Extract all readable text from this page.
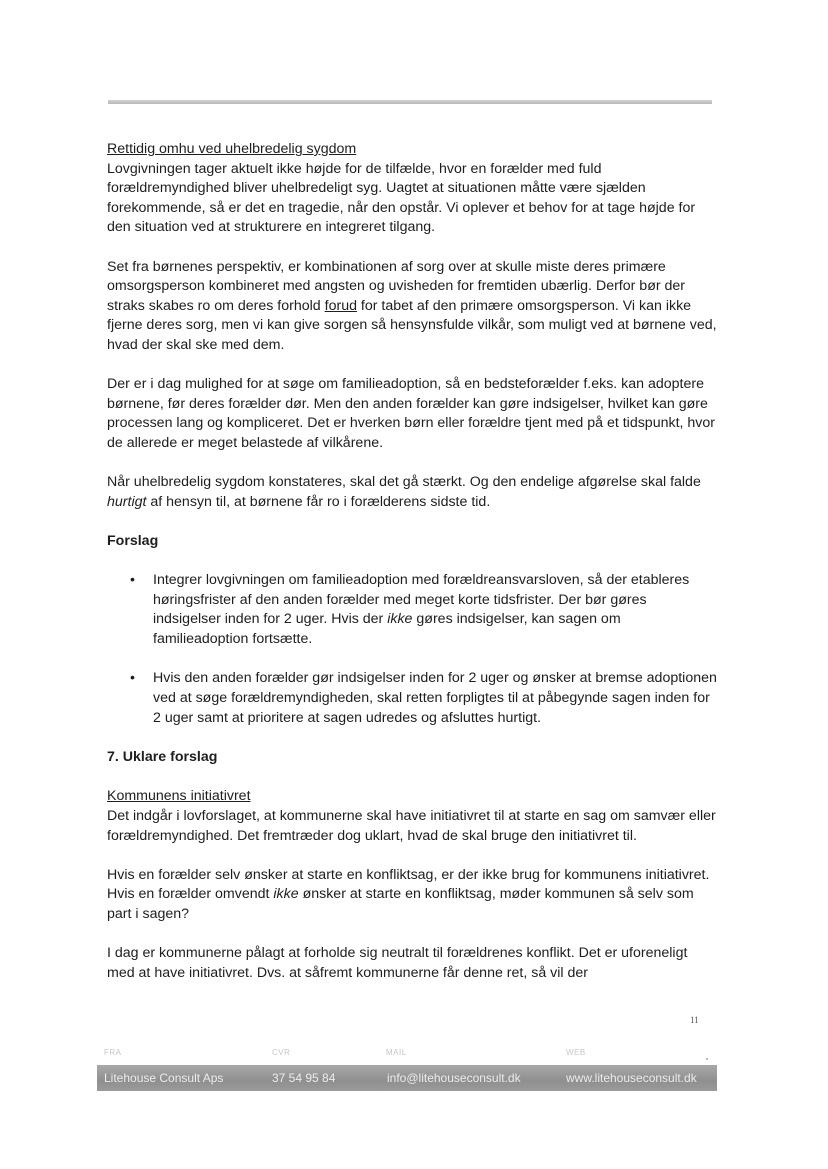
Rettidig omhu ved uhelbredelig sygdom

Lovgivningen tager aktuelt ikke højde for de tilfælde, hvor en forælder med fuld forældremyndighed bliver uhelbredeligt syg. Uagtet at situationen måtte være sjælden forekommende, så er det en tragedie, når den opstår. Vi oplever et behov for at tage højde for den situation ved at strukturere en integreret tilgang.

Set fra børnenes perspektiv, er kombinationen af sorg over at skulle miste deres primære omsorgsperson kombineret med angsten og uvisheden for fremtiden ubærlig. Derfor bør der straks skabes ro om deres forhold forud for tabet af den primære omsorgsperson. Vi kan ikke fjerne deres sorg, men vi kan give sorgen så hensynsfulde vilkår, som muligt ved at børnene ved, hvad der skal ske med dem.

Der er i dag mulighed for at søge om familieadoption, så en bedsteforælder f.eks. kan adoptere børnene, før deres forælder dør. Men den anden forælder kan gøre indsigelser, hvilket kan gøre processen lang og kompliceret. Det er hverken børn eller forældre tjent med på et tidspunkt, hvor de allerede er meget belastede af vilkårene.

Når uhelbredelig sygdom konstateres, skal det gå stærkt. Og den endelige afgørelse skal falde hurtigt af hensyn til, at børnene får ro i forælderens sidste tid.

Forslag

• Integrer lovgivningen om familieadoption med forældreansvarsloven, så der etableres høringsfrister af den anden forælder med meget korte tidsfrister. Der bør gøres indsigelser inden for 2 uger. Hvis der ikke gøres indsigelser, kan sagen om familieadoption fortsætte.
• Hvis den anden forælder gør indsigelser inden for 2 uger og ønsker at bremse adoptionen ved at søge forældremyndigheden, skal retten forpligtes til at påbegynde sagen inden for 2 uger samt at prioritere at sagen udredes og afsluttes hurtigt.

7. Uklare forslag

Kommunens initiativret

Det indgår i lovforslaget, at kommunerne skal have initiativret til at starte en sag om samvær eller forældremyndighed. Det fremtræder dog uklart, hvad de skal bruge den initiativret til.

Hvis en forælder selv ønsker at starte en konfliktsag, er der ikke brug for kommunens initiativret. Hvis en forælder omvendt ikke ønsker at starte en konfliktsag, møder kommunen så selv som part i sagen?

I dag er kommunerne pålagt at forholde sig neutralt til forældrenes konflikt. Det er uforeneligt med at have initiativret. Dvs. at såfremt kommunerne får denne ret, så vil der

11
FRA	CVR	MAIL	WEB
Litehouse Consult Aps	37 54 95 84	info@litehouseconsult.dk	www.litehouseconsult.dk
